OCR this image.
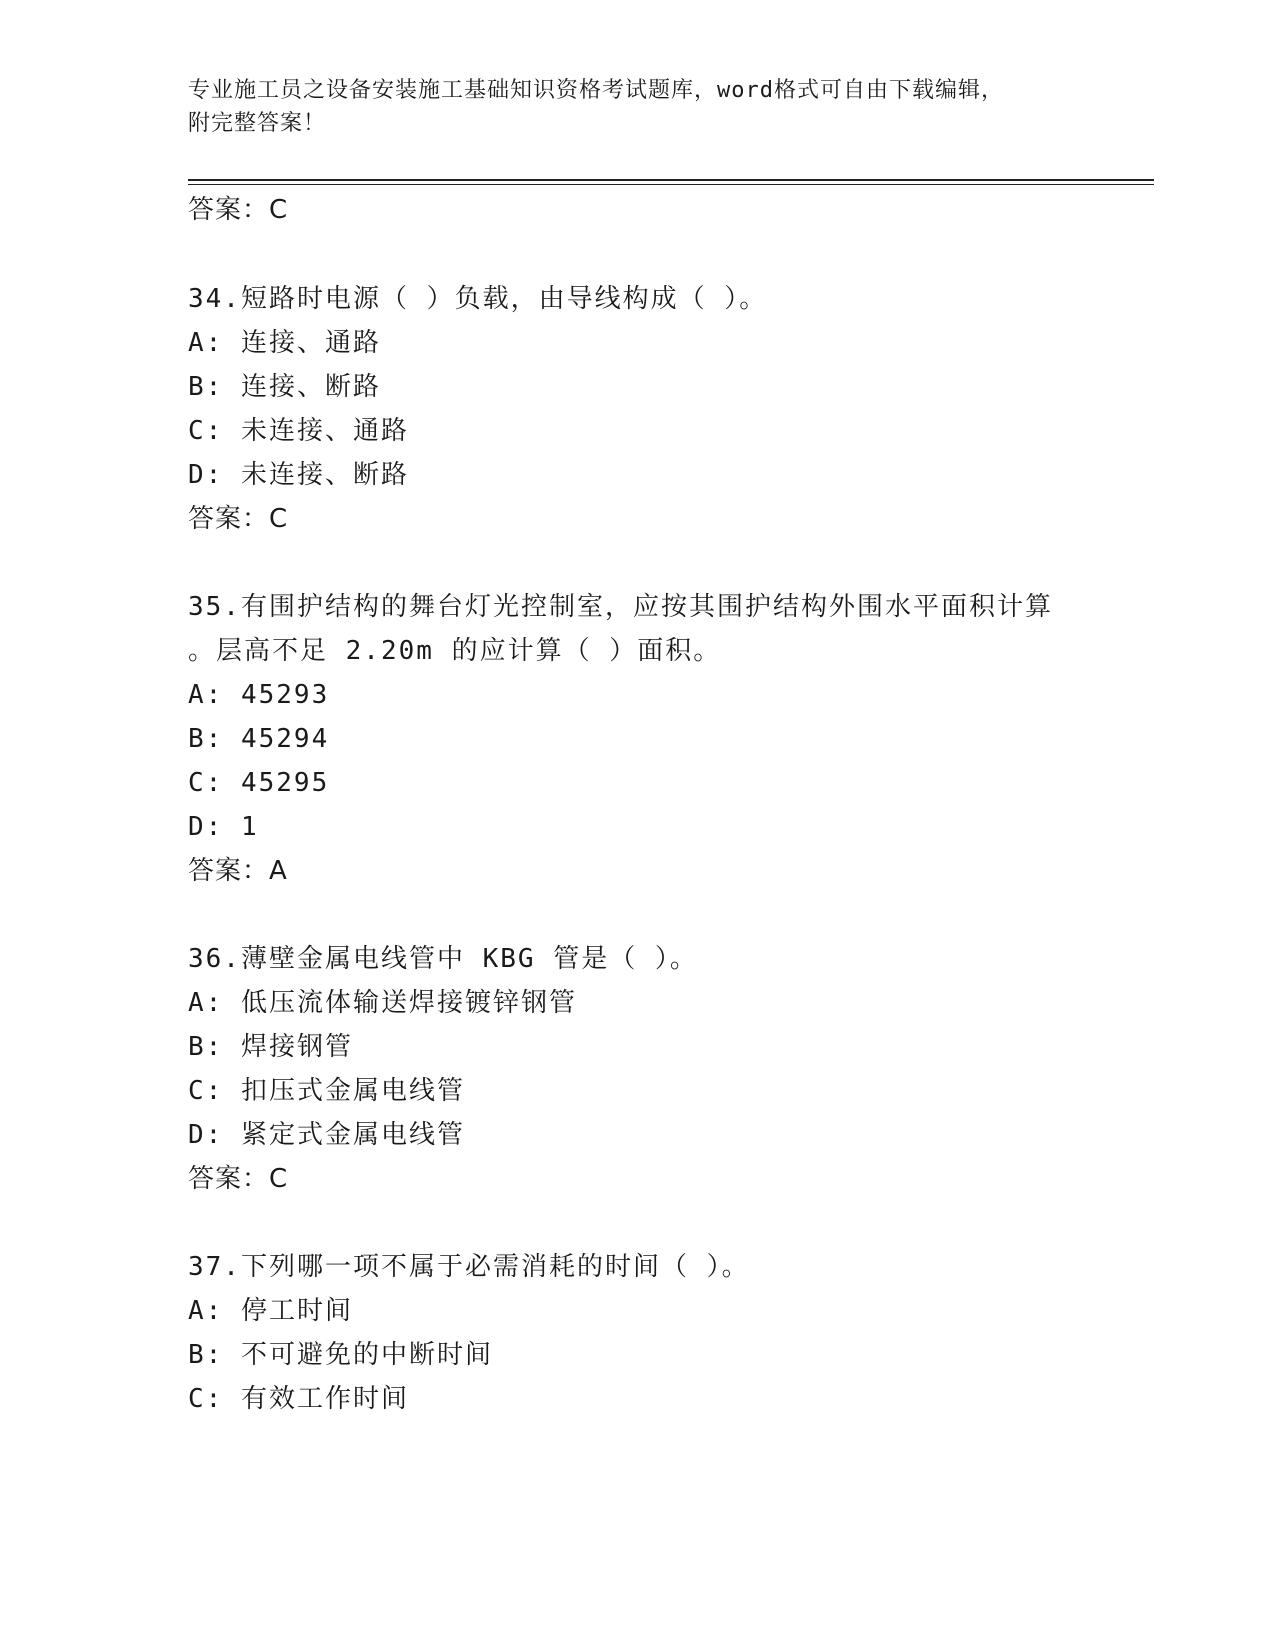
专业施工员之设备安装施工基础知识资格考试题库，word格式可自由下载编辑，
附完整答案！
答案：C
34.短路时电源（ ）负载，由导线构成（ ）。
A: 连接、通路
B: 连接、断路
C: 未连接、通路
D: 未连接、断路
答案：C
35.有围护结构的舞台灯光控制室，应按其围护结构外围水平面积计算
。层高不足 2.20m 的应计算（ ）面积。
A: 45293
B: 45294
C: 45295
D: 1
答案：A
36.薄壁金属电线管中 KBG 管是（ ）。
A: 低压流体输送焊接镀锌钢管
B: 焊接钢管
C: 扣压式金属电线管
D: 紧定式金属电线管
答案：C
37.下列哪一项不属于必需消耗的时间（ ）。
A: 停工时间
B: 不可避免的中断时间
C: 有效工作时间
